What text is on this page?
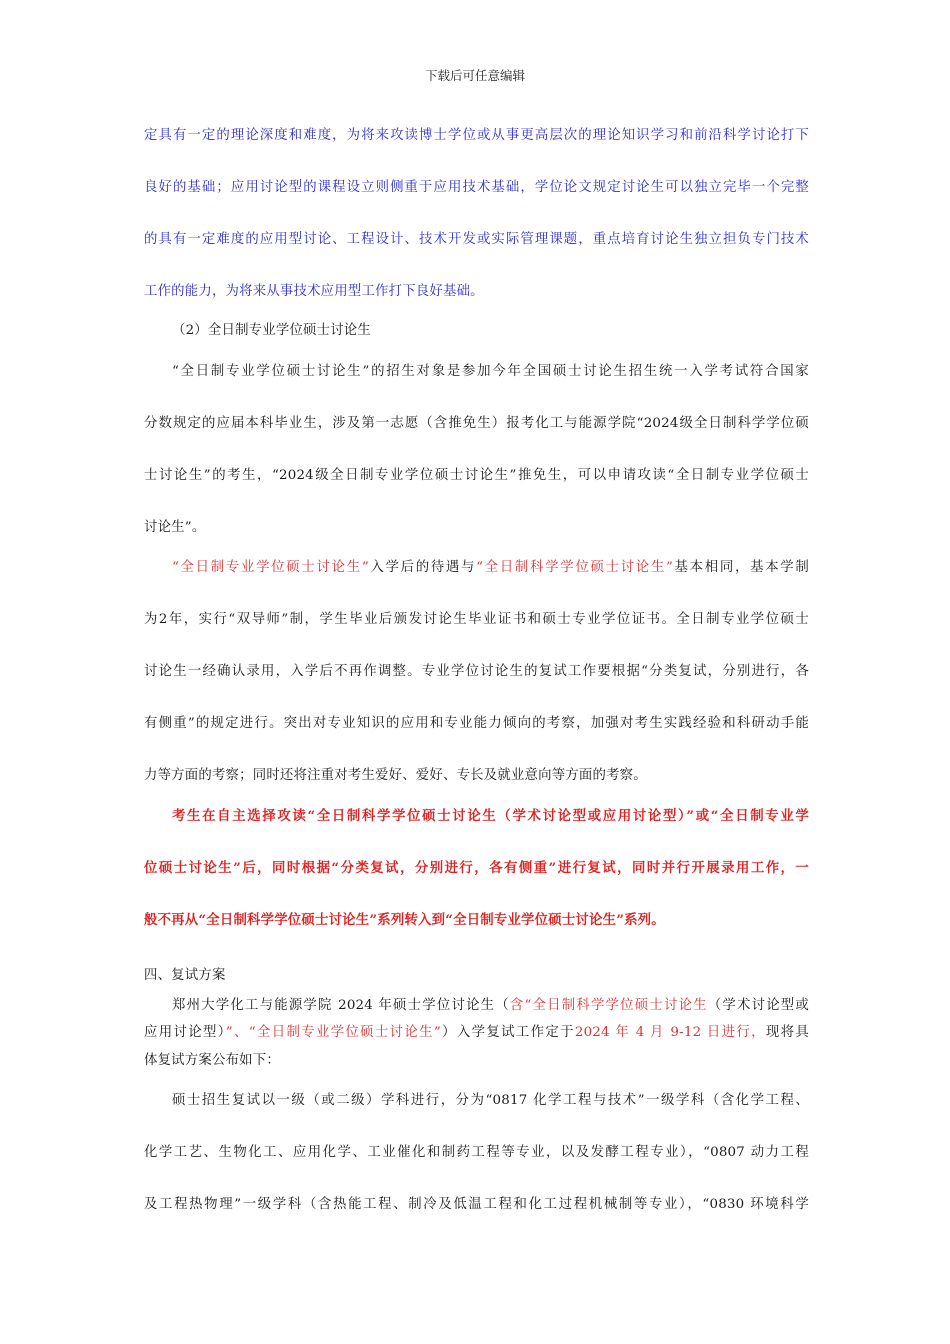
下载后可任意编辑
定具有一定的理论深度和难度，为将来攻读博士学位或从事更高层次的理论知识学习和前沿科学讨论打下
良好的基础；应用讨论型的课程设立则侧重于应用技术基础，学位论文规定讨论生可以独立完毕一个完整
的具有一定难度的应用型讨论、工程设计、技术开发或实际管理课题，重点培育讨论生独立担负专门技术
工作的能力，为将来从事技术应用型工作打下良好基础。
（2）全日制专业学位硕士讨论生
“全日制专业学位硕士讨论生”的招生对象是参加今年全国硕士讨论生招生统一入学考试符合国家
分数规定的应届本科毕业生，涉及第一志愿（含推免生）报考化工与能源学院“2024级全日制科学学位硕
士讨论生”的考生，“2024级全日制专业学位硕士讨论生”推免生，可以申请攻读“全日制专业学位硕士
讨论生”。
“全日制专业学位硕士讨论生”入学后的待遇与“全日制科学学位硕士讨论生”基本相同，基本学制
为2年，实行“双导师”制，学生毕业后颁发讨论生毕业证书和硕士专业学位证书。全日制专业学位硕士
讨论生一经确认录用，入学后不再作调整。专业学位讨论生的复试工作要根据“分类复试，分别进行，各
有侧重”的规定进行。突出对专业知识的应用和专业能力倾向的考察，加强对考生实践经验和科研动手能
力等方面的考察；同时还将注重对考生爱好、爱好、专长及就业意向等方面的考察。
考生在自主选择攻读“全日制科学学位硕士讨论生（学术讨论型或应用讨论型）”或“全日制专业学
位硕士讨论生”后，同时根据“分类复试，分别进行，各有侧重”进行复试，同时并行开展录用工作，一
般不再从“全日制科学学位硕士讨论生”系列转入到“全日制专业学位硕士讨论生”系列。
四、复试方案
郑州大学化工与能源学院 2024 年硕士学位讨论生（含“全日制科学学位硕士讨论生（学术讨论型或
应用讨论型）”、“全日制专业学位硕士讨论生”）入学复试工作定于2024 年 4 月 9-12 日进行，现将具
体复试方案公布如下：
硕士招生复试以一级（或二级）学科进行，分为“0817 化学工程与技术”一级学科（含化学工程、
化学工艺、生物化工、应用化学、工业催化和制药工程等专业，以及发酵工程专业），“0807 动力工程
及工程热物理”一级学科（含热能工程、制冷及低温工程和化工过程机械制等专业），“0830 环境科学
